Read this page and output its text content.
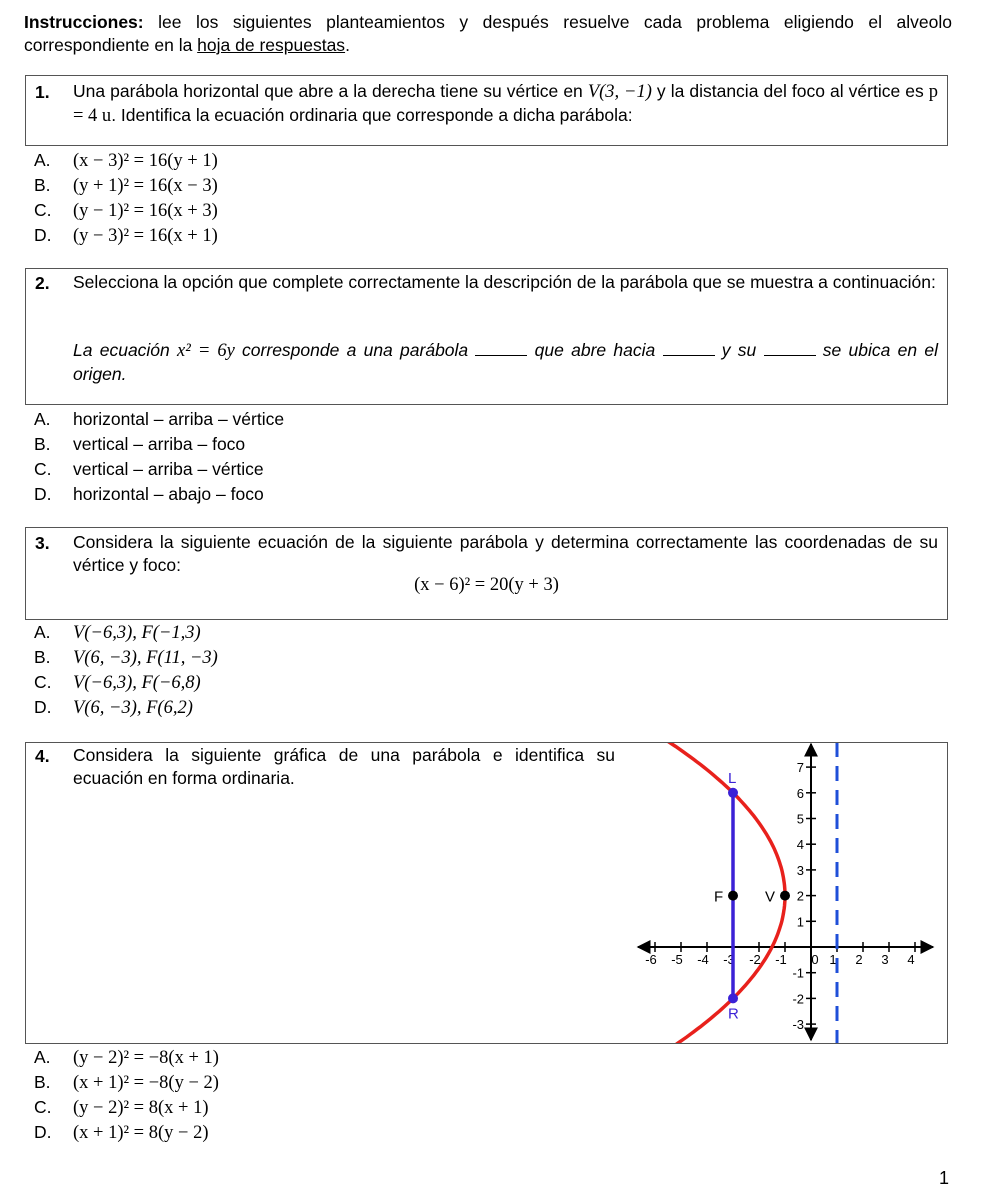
Instrucciones: lee los siguientes planteamientos y después resuelve cada problema eligiendo el alveolo correspondiente en la hoja de respuestas.
1. Una parábola horizontal que abre a la derecha tiene su vértice en V(3, −1) y la distancia del foco al vértice es p = 4 u. Identifica la ecuación ordinaria que corresponde a dicha parábola:
A. (x − 3)² = 16(y + 1)
B. (y + 1)² = 16(x − 3)
C. (y − 1)² = 16(x + 3)
D. (y − 3)² = 16(x + 1)
2. Selecciona la opción que complete correctamente la descripción de la parábola que se muestra a continuación:
La ecuación x² = 6y corresponde a una parábola	que abre hacia	y su	se ubica en el origen.
A. horizontal – arriba – vértice
B. vertical – arriba – foco
C. vertical – arriba – vértice
D. horizontal – abajo – foco
3. Considera la siguiente ecuación de la siguiente parábola y determina correctamente las coordenadas de su vértice y foco:
(x − 6)² = 20(y + 3)
A. V(−6,3), F(−1,3)
B. V(6, −3), F(11, −3)
C. V(−6,3), F(−6,8)
D. V(6, −3), F(6,2)
4. Considera la siguiente gráfica de una parábola e identifica su ecuación en forma ordinaria.
-6 -5 -4 -3 -2 -1 0 1 2 3 4
7
6
5
4
3
2
1
-1
-2
-3
L
R
F	V
A. (y − 2)² = −8(x + 1)
B. (x + 1)² = −8(y − 2)
C. (y − 2)² = 8(x + 1)
D. (x + 1)² = 8(y − 2)
1
